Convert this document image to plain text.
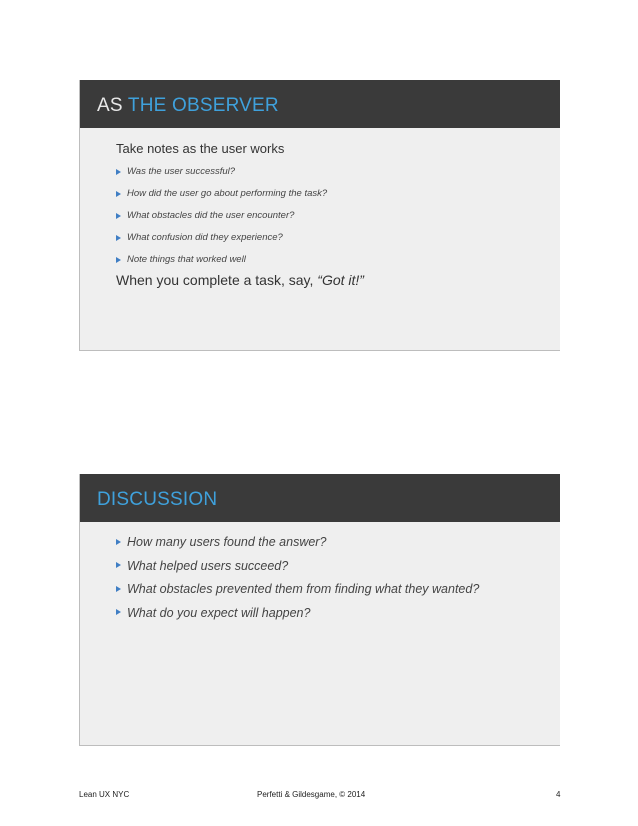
AS THE OBSERVER
Take notes as the user works
Was the user successful?
How did the user go about performing the task?
What obstacles did the user encounter?
What confusion did they experience?
Note things that worked well
When you complete a task, say, “Got it!”
DISCUSSION
How many users found the answer?
What helped users succeed?
What obstacles prevented them from finding what they wanted?
What do you expect will happen?
Lean UX NYC	Perfetti & Gildesgame, © 2014	4
